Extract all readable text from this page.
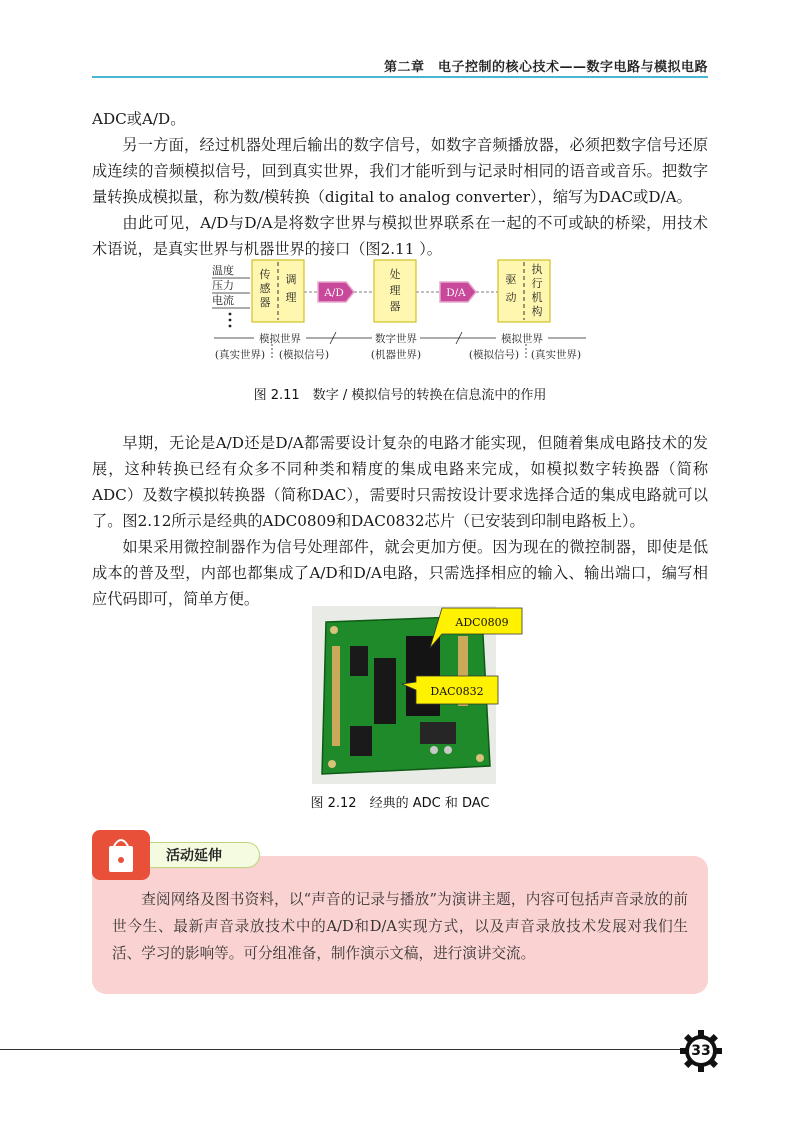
第二章　电子控制的核心技术——数字电路与模拟电路

ADC或A/D。

另一方面，经过机器处理后输出的数字信号，如数字音频播放器，必须把数字信号还原成连续的音频模拟信号，回到真实世界，我们才能听到与记录时相同的语音或音乐。把数字量转换成模拟量，称为数/模转换（digital to analog converter），缩写为DAC或D/A。

由此可见，A/D与D/A是将数字世界与模拟世界联系在一起的不可或缺的桥梁，用技术术语说，是真实世界与机器世界的接口（图2.11 ）。

温度
压力
电流
传
感
器
调
理	A/D
处
理
器
D/A
驱
动
执
行
机
构
模拟世界	数字世界	模拟世界
(真实世界) (模拟信号)	(机器世界)	(模拟信号) (真实世界)
图 2.11　数字 / 模拟信号的转换在信息流中的作用

早期，无论是A/D还是D/A都需要设计复杂的电路才能实现，但随着集成电路技术的发展，这种转换已经有众多不同种类和精度的集成电路来完成，如模拟数字转换器（简称ADC）及数字模拟转换器（简称DAC），需要时只需按设计要求选择合适的集成电路就可以了。图2.12所示是经典的ADC0809和DAC0832芯片（已安装到印制电路板上）。

如果采用微控制器作为信号处理部件，就会更加方便。因为现在的微控制器，即使是低成本的普及型，内部也都集成了A/D和D/A电路，只需选择相应的输入、输出端口，编写相应代码即可，简单方便。

ADC0809
DAC0832
图 2.12　经典的 ADC 和 DAC
查阅网络及图书资料，以“声音的记录与播放”为演讲主题，内容可包括声音录放的前世今生、最新声音录放技术中的A/D和D/A实现方式，以及声音录放技术发展对我们生活、学习的影响等。可分组准备，制作演示文稿，进行演讲交流。
活动延伸
33
